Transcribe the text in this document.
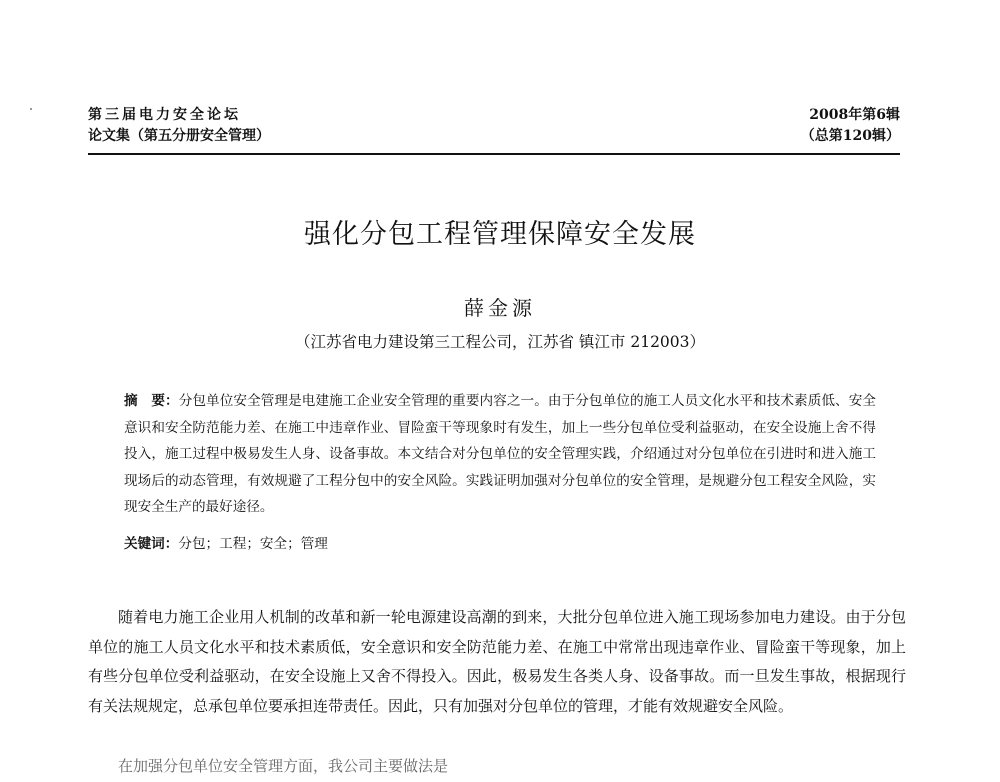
第三届电力安全论坛
论文集（第五分册安全管理）
2008年第6辑
（总第120辑）
强化分包工程管理保障安全发展
薛金源
（江苏省电力建设第三工程公司，江苏省 镇江市 212003）
摘　要：分包单位安全管理是电建施工企业安全管理的重要内容之一。由于分包单位的施工人员文化水平和技术素质低、安全意识和安全防范能力差、在施工中违章作业、冒险蛮干等现象时有发生，加上一些分包单位受利益驱动，在安全设施上舍不得投入，施工过程中极易发生人身、设备事故。本文结合对分包单位的安全管理实践，介绍通过对分包单位在引进时和进入施工现场后的动态管理，有效规避了工程分包中的安全风险。实践证明加强对分包单位的安全管理，是规避分包工程安全风险，实现安全生产的最好途径。
关键词：分包；工程；安全；管理

随着电力施工企业用人机制的改革和新一轮电源建设高潮的到来，大批分包单位进入施工现场参加电力建设。由于分包单位的施工人员文化水平和技术素质低，安全意识和安全防范能力差、在施工中常常出现违章作业、冒险蛮干等现象，加上有些分包单位受利益驱动，在安全设施上又舍不得投入。因此，极易发生各类人身、设备事故。而一旦发生事故，根据现行有关法规规定，总承包单位要承担连带责任。因此，只有加强对分包单位的管理，才能有效规避安全风险。

在加强分包单位安全管理方面，我公司主要做法是
